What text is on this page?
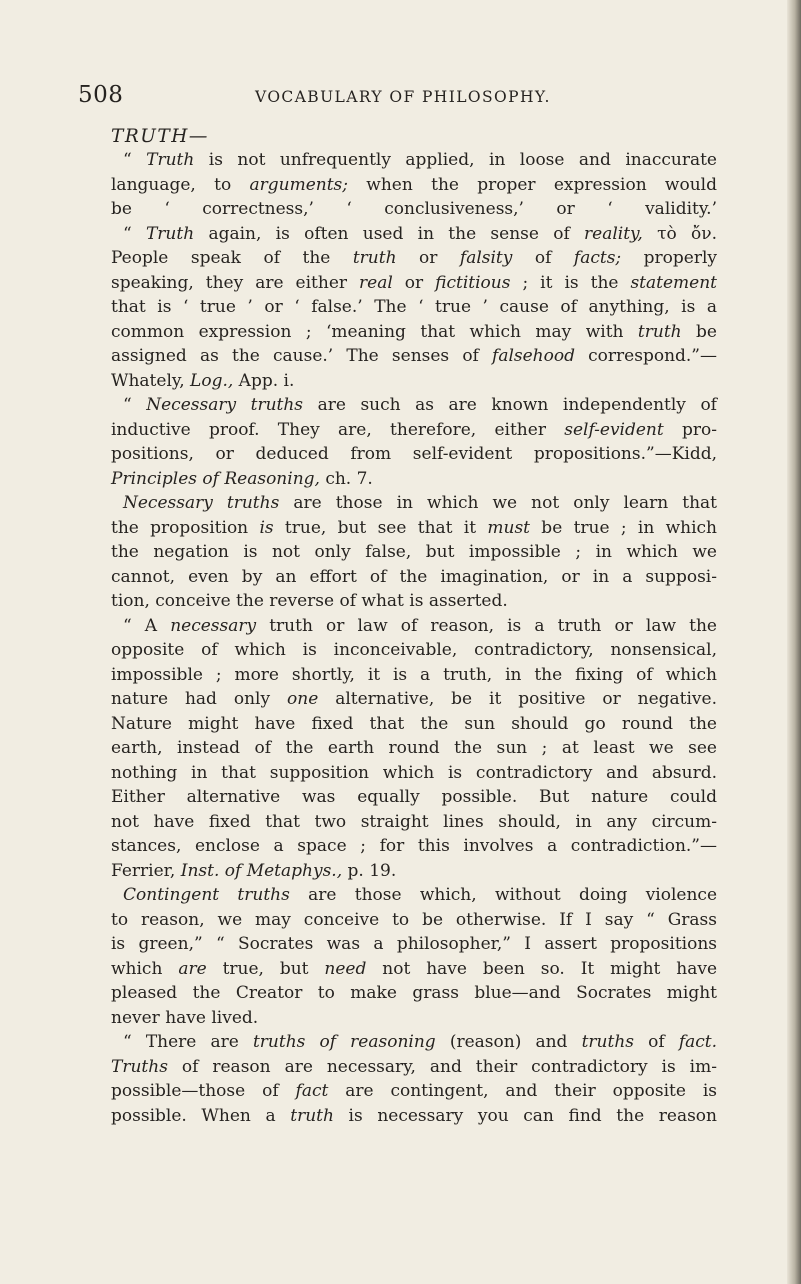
508	VOCABULARY OF PHILOSOPHY.
TRUTH—
“ Truth is not unfrequently applied, in loose and inaccurate
language, to arguments; when the proper expression would
be ‘ correctness,’ ‘ conclusiveness,’ or ‘ validity.’
“ Truth again, is often used in the sense of reality, τὸ ὄν.
People speak of the truth or falsity of facts; properly
speaking, they are either real or fictitious ; it is the statement
that is ‘ true ’ or ‘ false.’ The ‘ true ’ cause of anything, is a
common expression ; ‘meaning that which may with truth be
assigned as the cause.’ The senses of falsehood correspond.”—
Whately, Log., App. i.
“ Necessary truths are such as are known independently of
inductive proof. They are, therefore, either self-evident pro-
positions, or deduced from self-evident propositions.”—Kidd,
Principles of Reasoning, ch. 7.
Necessary truths are those in which we not only learn that
the proposition is true, but see that it must be true ; in which
the negation is not only false, but impossible ; in which we
cannot, even by an effort of the imagination, or in a supposi-
tion, conceive the reverse of what is asserted.
“ A necessary truth or law of reason, is a truth or law the
opposite of which is inconceivable, contradictory, nonsensical,
impossible ; more shortly, it is a truth, in the fixing of which
nature had only one alternative, be it positive or negative.
Nature might have fixed that the sun should go round the
earth, instead of the earth round the sun ; at least we see
nothing in that supposition which is contradictory and absurd.
Either alternative was equally possible. But nature could
not have fixed that two straight lines should, in any circum-
stances, enclose a space ; for this involves a contradiction.”—
Ferrier, Inst. of Metaphys., p. 19.
Contingent truths are those which, without doing violence
to reason, we may conceive to be otherwise. If I say “ Grass
is green,” “ Socrates was a philosopher,” I assert propositions
which are true, but need not have been so. It might have
pleased the Creator to make grass blue—and Socrates might
never have lived.
“ There are truths of reasoning (reason) and truths of fact.
Truths of reason are necessary, and their contradictory is im-
possible—those of fact are contingent, and their opposite is
possible. When a truth is necessary you can find the reason
